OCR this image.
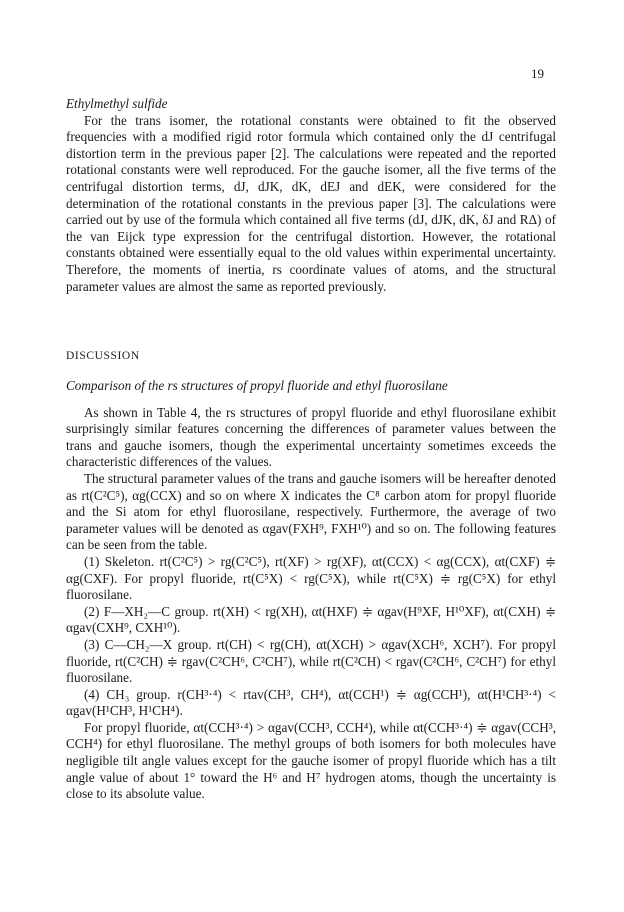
19

Ethylmethyl sulfide

For the trans isomer, the rotational constants were obtained to fit the observed frequencies with a modified rigid rotor formula which contained only the dJ centrifugal distortion term in the previous paper [2]. The calculations were repeated and the reported rotational constants were well reproduced. For the gauche isomer, all the five terms of the centrifugal distortion terms, dJ, dJK, dK, dEJ and dEK, were considered for the determination of the rotational constants in the previous paper [3]. The calculations were carried out by use of the formula which contained all five terms (dJ, dJK, dK, δJ and RΔ) of the van Eijck type expression for the centrifugal distortion. However, the rotational constants obtained were essentially equal to the old values within experimental uncertainty. Therefore, the moments of inertia, rs coordinate values of atoms, and the structural parameter values are almost the same as reported previously.

DISCUSSION

Comparison of the rs structures of propyl fluoride and ethyl fluorosilane

As shown in Table 4, the rs structures of propyl fluoride and ethyl fluorosilane exhibit surprisingly similar features concerning the differences of parameter values between the trans and gauche isomers, though the experimental uncertainty sometimes exceeds the characteristic differences of the values.

The structural parameter values of the trans and gauche isomers will be hereafter denoted as rt(C²C⁵), αg(CCX) and so on where X indicates the C⁸ carbon atom for propyl fluoride and the Si atom for ethyl fluorosilane, respectively. Furthermore, the average of two parameter values will be denoted as αgav(FXH⁹, FXH¹⁰) and so on. The following features can be seen from the table.

(1) Skeleton. rt(C²C⁵) > rg(C²C⁵), rt(XF) > rg(XF), αt(CCX) < αg(CCX), αt(CXF) ≑ αg(CXF). For propyl fluoride, rt(C⁵X) < rg(C⁵X), while rt(C⁵X) ≑ rg(C⁵X) for ethyl fluorosilane.

(2) F—XH₂—C group. rt(XH) < rg(XH), αt(HXF) ≑ αgav(H⁹XF, H¹⁰XF), αt(CXH) ≑ αgav(CXH⁹, CXH¹⁰).

(3) C—CH₂—X group. rt(CH) < rg(CH), αt(XCH) > αgav(XCH⁶, XCH⁷). For propyl fluoride, rt(C²CH) ≑ rgav(C²CH⁶, C²CH⁷), while rt(C²CH) < rgav(C²CH⁶, C²CH⁷) for ethyl fluorosilane.

(4) CH₃ group. r(CH³·⁴) < rtav(CH³, CH⁴), αt(CCH¹) ≑ αg(CCH¹), αt(H¹CH³·⁴) < αgav(H¹CH³, H¹CH⁴).

For propyl fluoride, αt(CCH³·⁴) > αgav(CCH³, CCH⁴), while αt(CCH³·⁴) ≑ αgav(CCH³, CCH⁴) for ethyl fluorosilane. The methyl groups of both isomers for both molecules have negligible tilt angle values except for the gauche isomer of propyl fluoride which has a tilt angle value of about 1° toward the H⁶ and H⁷ hydrogen atoms, though the uncertainty is close to its absolute value.
